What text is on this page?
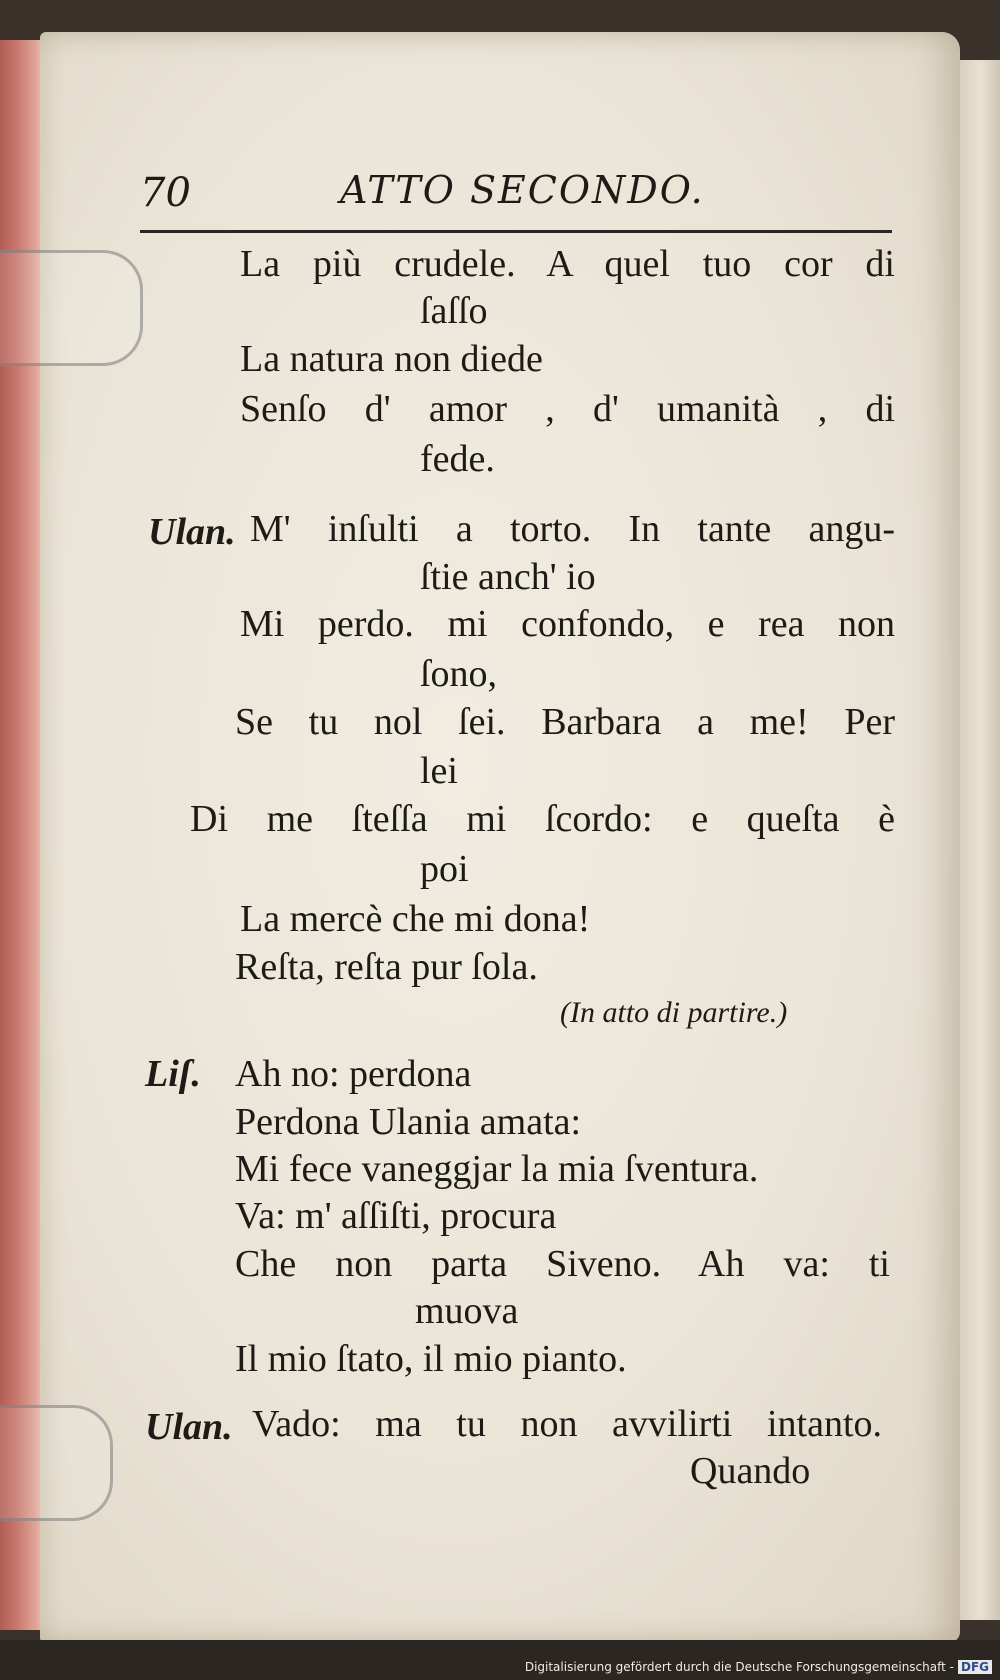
70	ATTO SECONDO.
La più crudele. A quel tuo cor di
ſaſſo
La natura non diede
Senſo d' amor , d' umanità , di
fede.
Ulan. M' inſulti a torto. In tante angu-
ſtie anch' io
Mi perdo. mi confondo, e rea non
ſono,
Se tu nol ſei. Barbara a me! Per
lei
Di me ſteſſa mi ſcordo: e queſta è
poi
La mercè che mi dona!
Reſta, reſta pur ſola.
(In atto di partire.)
Liſ. Ah no: perdona
Perdona Ulania amata:
Mi fece vaneggjar la mia ſventura.
Va: m' aſſiſti, procura
Che non parta Siveno. Ah va: ti
muova
Il mio ſtato, il mio pianto.
Ulan. Vado: ma tu non avvilirti intanto.
Quando
Digitalisierung gefördert durch die Deutsche Forschungsgemeinschaft - DFG
